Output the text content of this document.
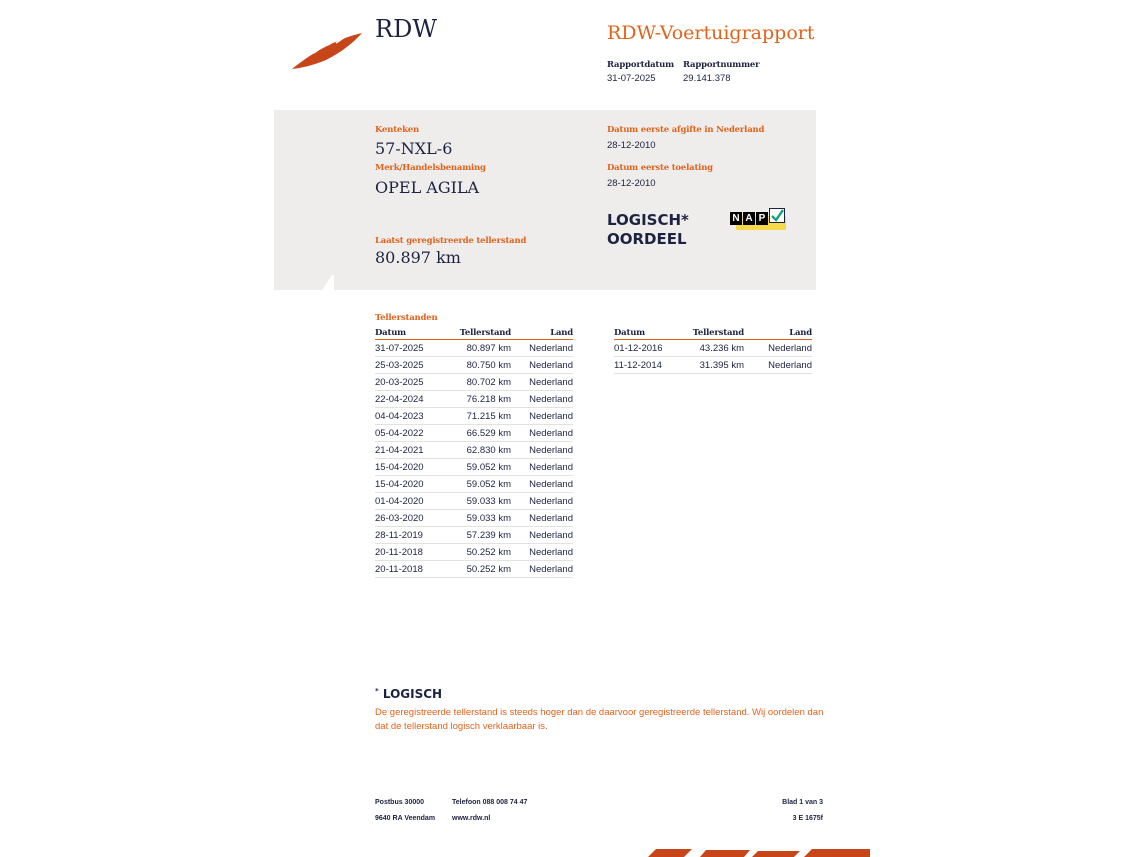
RDW	RDW-Voertuigrapport
Rapportdatum
31-07-2025
Rapportnummer
29.141.378
Kenteken
57-NXL-6
Merk/Handelsbenaming
OPEL AGILA
Datum eerste afgifte in Nederland
28-12-2010
Datum eerste toelating
28-12-2010
LOGISCH*
OORDEEL
N A P
Laatst geregistreerde tellerstand
80.897 km
Tellerstanden
Datum	Tellerstand	Land
31-07-2025	80.897 km	Nederland
25-03-2025	80.750 km	Nederland
20-03-2025	80.702 km	Nederland
22-04-2024	76.218 km	Nederland
04-04-2023	71.215 km	Nederland
05-04-2022	66.529 km	Nederland
21-04-2021	62.830 km	Nederland
15-04-2020	59.052 km	Nederland
15-04-2020	59.052 km	Nederland
01-04-2020	59.033 km	Nederland
26-03-2020	59.033 km	Nederland
28-11-2019	57.239 km	Nederland
20-11-2018	50.252 km	Nederland
20-11-2018	50.252 km	Nederland
Datum	Tellerstand	Land
01-12-2016	43.236 km	Nederland
11-12-2014	31.395 km	Nederland
* LOGISCH
De geregistreerde tellerstand is steeds hoger dan de daarvoor geregistreerde tellerstand. Wij oordelen dan
dat de tellerstand logisch verklaarbaar is.
Postbus 30000
9640 RA Veendam
Telefoon 088 008 74 47
www.rdw.nl
Blad 1 van 3
3 E 1675f
